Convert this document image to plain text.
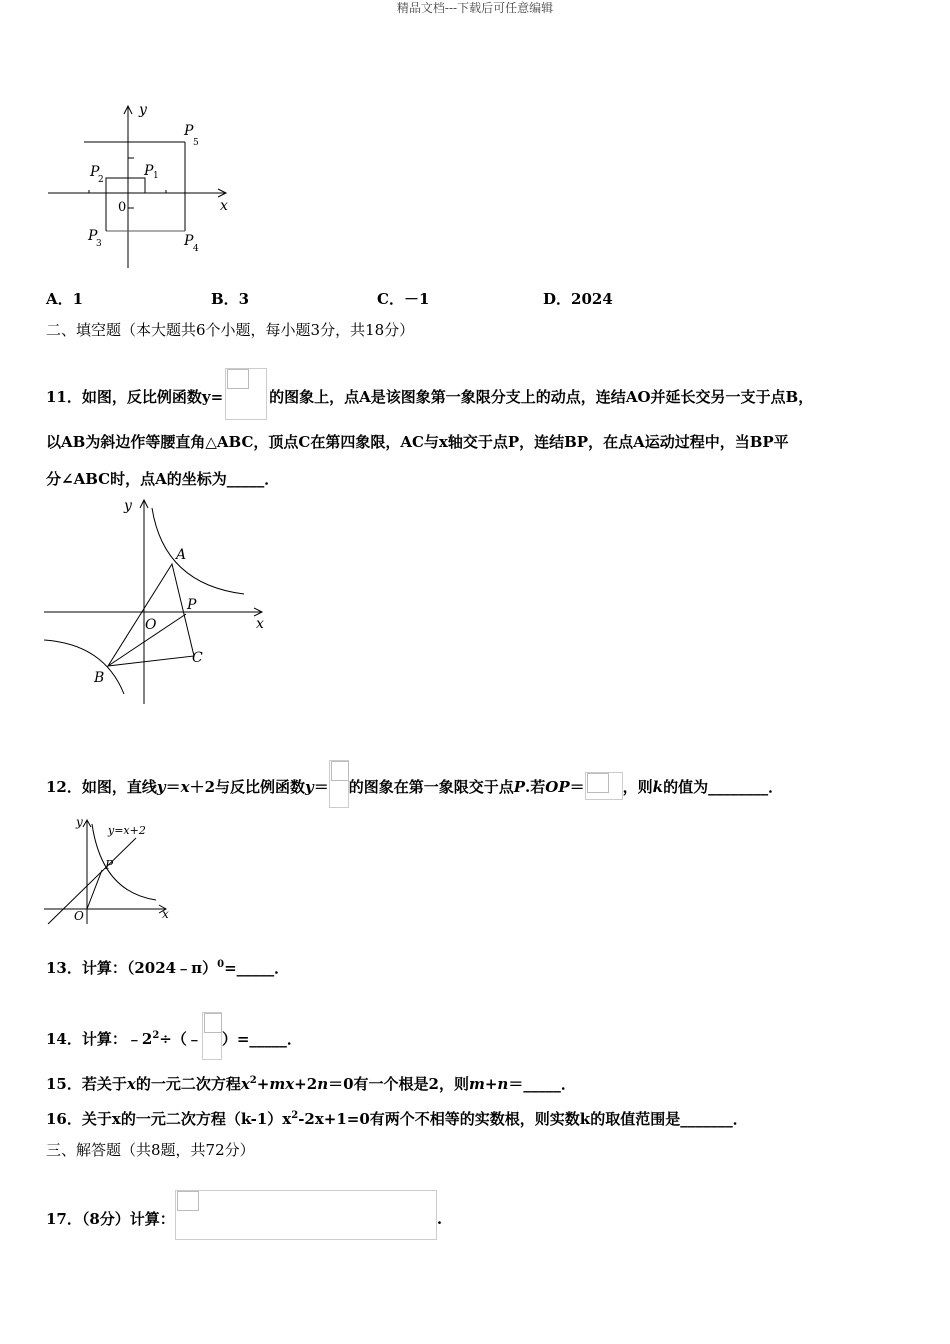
精品文档---下载后可任意编辑
y
x
0
P 1
P
2
P
3	P 4
P
5
A．1	B．3	C．－1	D．2024
二、填空题（本大题共6个小题，每小题3分，共18分）
11．如图，反比例函数y=	的图象上，点A是该图象第一象限分支上的动点，连结AO并延长交另一支于点B，
以AB为斜边作等腰直角△ABC，顶点C在第四象限，AC与x轴交于点P，连结BP，在点A运动过程中，当BP平
分∠ABC时，点A的坐标为_____．
y
x
O
A
B
C
P
12．如图，直线y＝x＋2与反比例函数y＝ 的图象在第一象限交于点P.若OP＝	，则k的值为________．
y
x
O
P
y=x+2
13．计算：（2024﹣π）$^0$=_____．
14．计算：$﹣2^2\div(﹣$ ）=_____．
15．若关于x的一元二次方程$x^2+mx+2n=0$有一个根是2，则m+n＝_____．
16．关于x的一元二次方程$(k-1)x^2-2x+1=0$有两个不相等的实数根，则实数k的取值范围是_______．
三、解答题（共8题，共72分）
17．（8分）计算：	.
